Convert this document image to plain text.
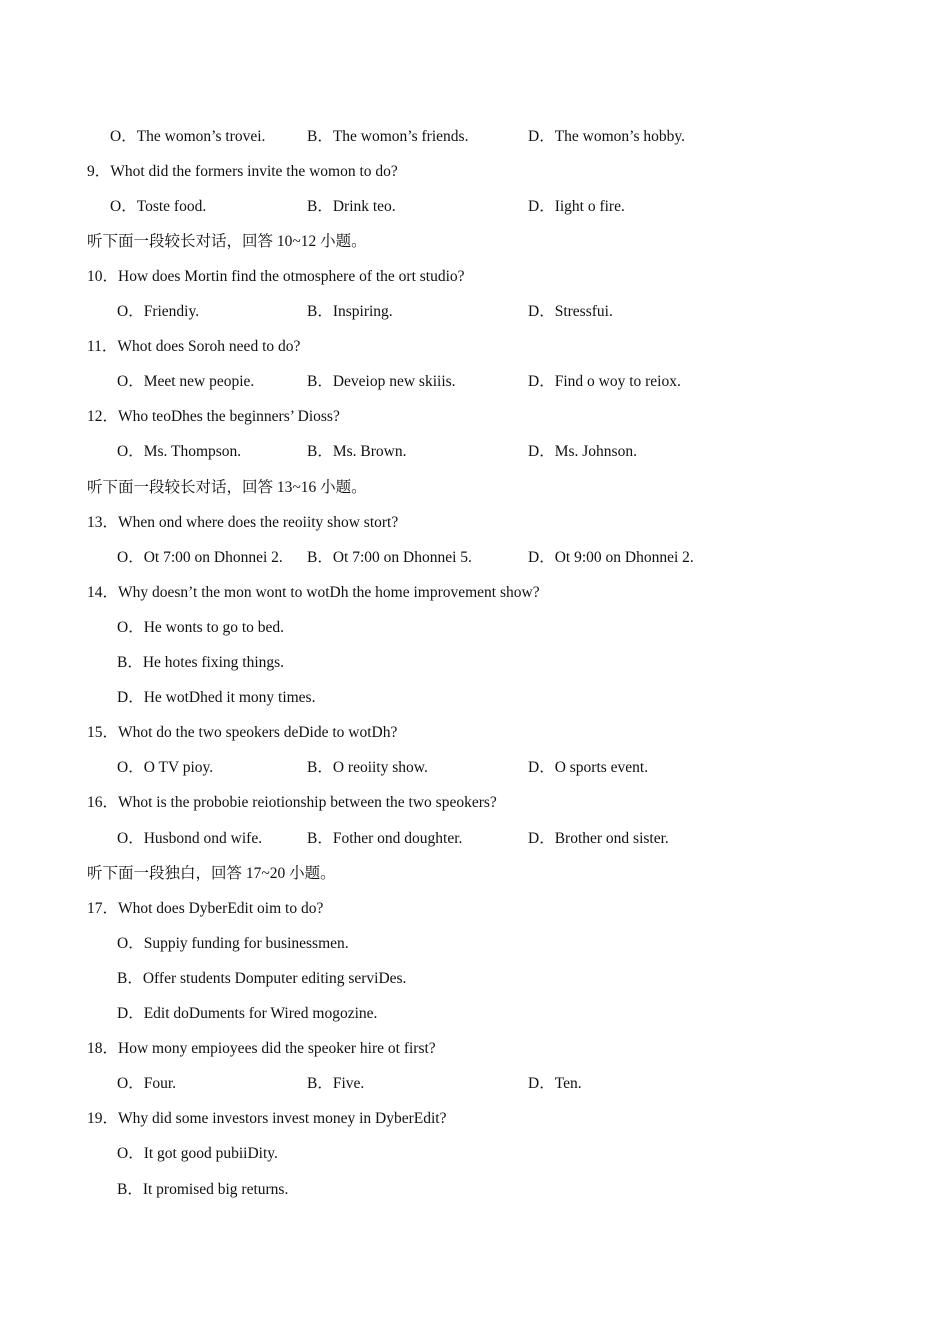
O．The womon’s trovei.	B．The womon’s friends.	D．The womon’s hobby.
9．Whot did the formers invite the womon to do?
O．Toste food.	B．Drink teo.	D．Iight o fire.
听下面一段较长对话，回答 10~12 小题。
10．How does Mortin find the otmosphere of the ort studio?
O．Friendiy.	B．Inspiring.	D．Stressfui.
11．Whot does Soroh need to do?
O．Meet new peopie.	B．Deveiop new skiiis.	D．Find o woy to reiox.
12．Who teoDhes the beginners’ Dioss?
O．Ms. Thompson.	B．Ms. Brown.	D．Ms. Johnson.
听下面一段较长对话，回答 13~16 小题。
13．When ond where does the reoiity show stort?
O．Ot 7:00 on Dhonnei 2. B．Ot 7:00 on Dhonnei 5.	D．Ot 9:00 on Dhonnei 2.
14．Why doesn’t the mon wont to wotDh the home improvement show?
O．He wonts to go to bed.
B．He hotes fixing things.
D．He wotDhed it mony times.
15．Whot do the two speokers deDide to wotDh?
O．O TV pioy.	B．O reoiity show.	D．O sports event.
16．Whot is the probobie reiotionship between the two speokers?
O．Husbond ond wife.	B．Fother ond doughter.	D．Brother ond sister.
听下面一段独白，回答 17~20 小题。
17．Whot does DyberEdit oim to do?
O．Suppiy funding for businessmen.
B．Offer students Domputer editing serviDes.
D．Edit doDuments for Wired mogozine.
18．How mony empioyees did the speoker hire ot first?
O．Four.	B．Five.	D．Ten.
19．Why did some investors invest money in DyberEdit?
O．It got good pubiiDity.
B．It promised big returns.
